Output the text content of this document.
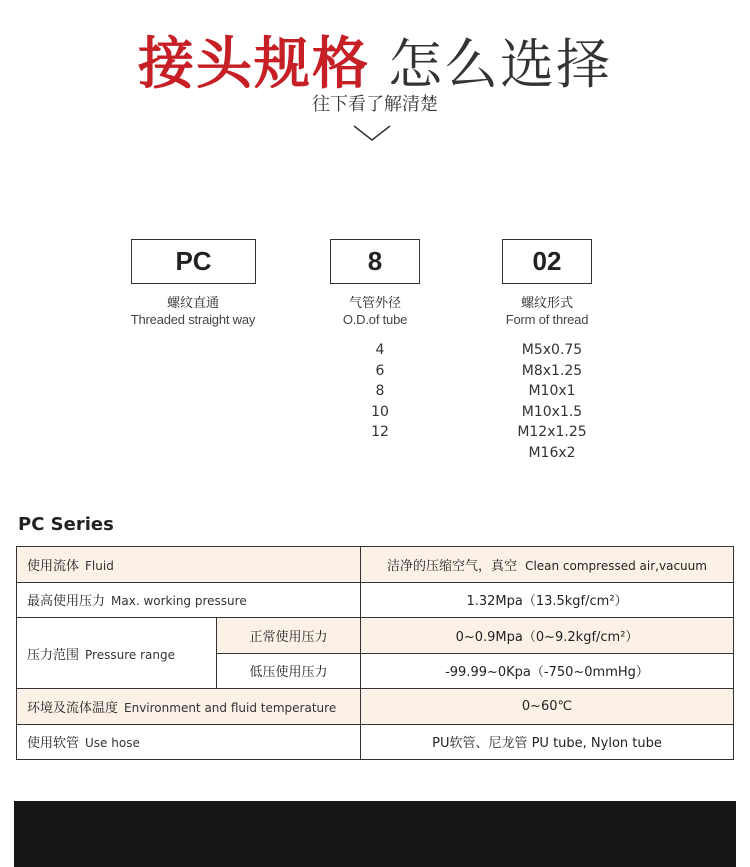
接头规格 怎么选择
往下看了解清楚
PC
螺纹直通
Threaded straight way
8
气管外径
O.D.of tube
4
6
8
10
12
02
螺纹形式
Form of thread
M5x0.75
M8x1.25
M10x1
M10x1.5
M12x1.25
M16x2
PC Series
使用流体 Fluid		洁净的压缩空气，真空 Clean compressed air,vacuum
最高使用压力 Max. working pressure		1.32Mpa（13.5kgf/cm²）
压力范围 Pressure range	正常使用压力	0~0.9Mpa（0~9.2kgf/cm²）
	低压使用压力	-99.99~0Kpa（-750~0mmHg）
环境及流体温度 Environment and fluid temperature		0~60℃
使用软管 Use hose		PU软管、尼龙管 PU tube, Nylon tube
